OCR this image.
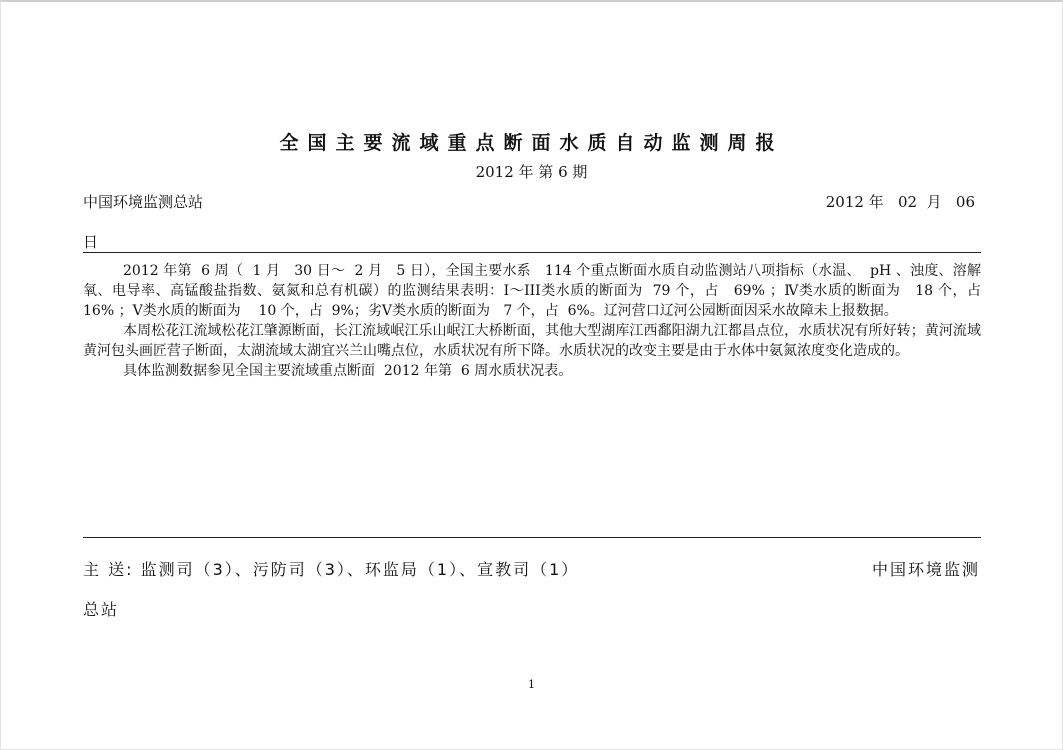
全国主要流域重点断面水质自动监测周报
2012 年 第 6 期
中国环境监测总站	2012 年   02  月   06
日

2012 年第  6 周（  1 月   30 日～  2 月   5 日），全国主要水系   114 个重点断面水质自动监测站八项指标（水温、  pH 、浊度、溶解氧、电导率、高锰酸盐指数、氨氮和总有机碳）的监测结果表明：Ⅰ～III类水质的断面为  79 个，占   69% ；Ⅳ类水质的断面为   18 个，占   16% ；Ⅴ类水质的断面为    10 个，占  9%；劣Ⅴ类水质的断面为   7 个，占  6%。辽河营口辽河公园断面因采水故障未上报数据。

本周松花江流域松花江肇源断面，长江流域岷江乐山岷江大桥断面，其他大型湖库江西鄱阳湖九江都昌点位，水质状况有所好转；黄河流域黄河包头画匠营子断面，太湖流域太湖宜兴兰山嘴点位，水质状况有所下降。水质状况的改变主要是由于水体中氨氮浓度变化造成的。

具体监测数据参见全国主要流域重点断面  2012 年第  6 周水质状况表。

主 送: 监测司（3）、污防司（3）、环监局（1）、宣教司（1）	中国环境监测
总站
1
